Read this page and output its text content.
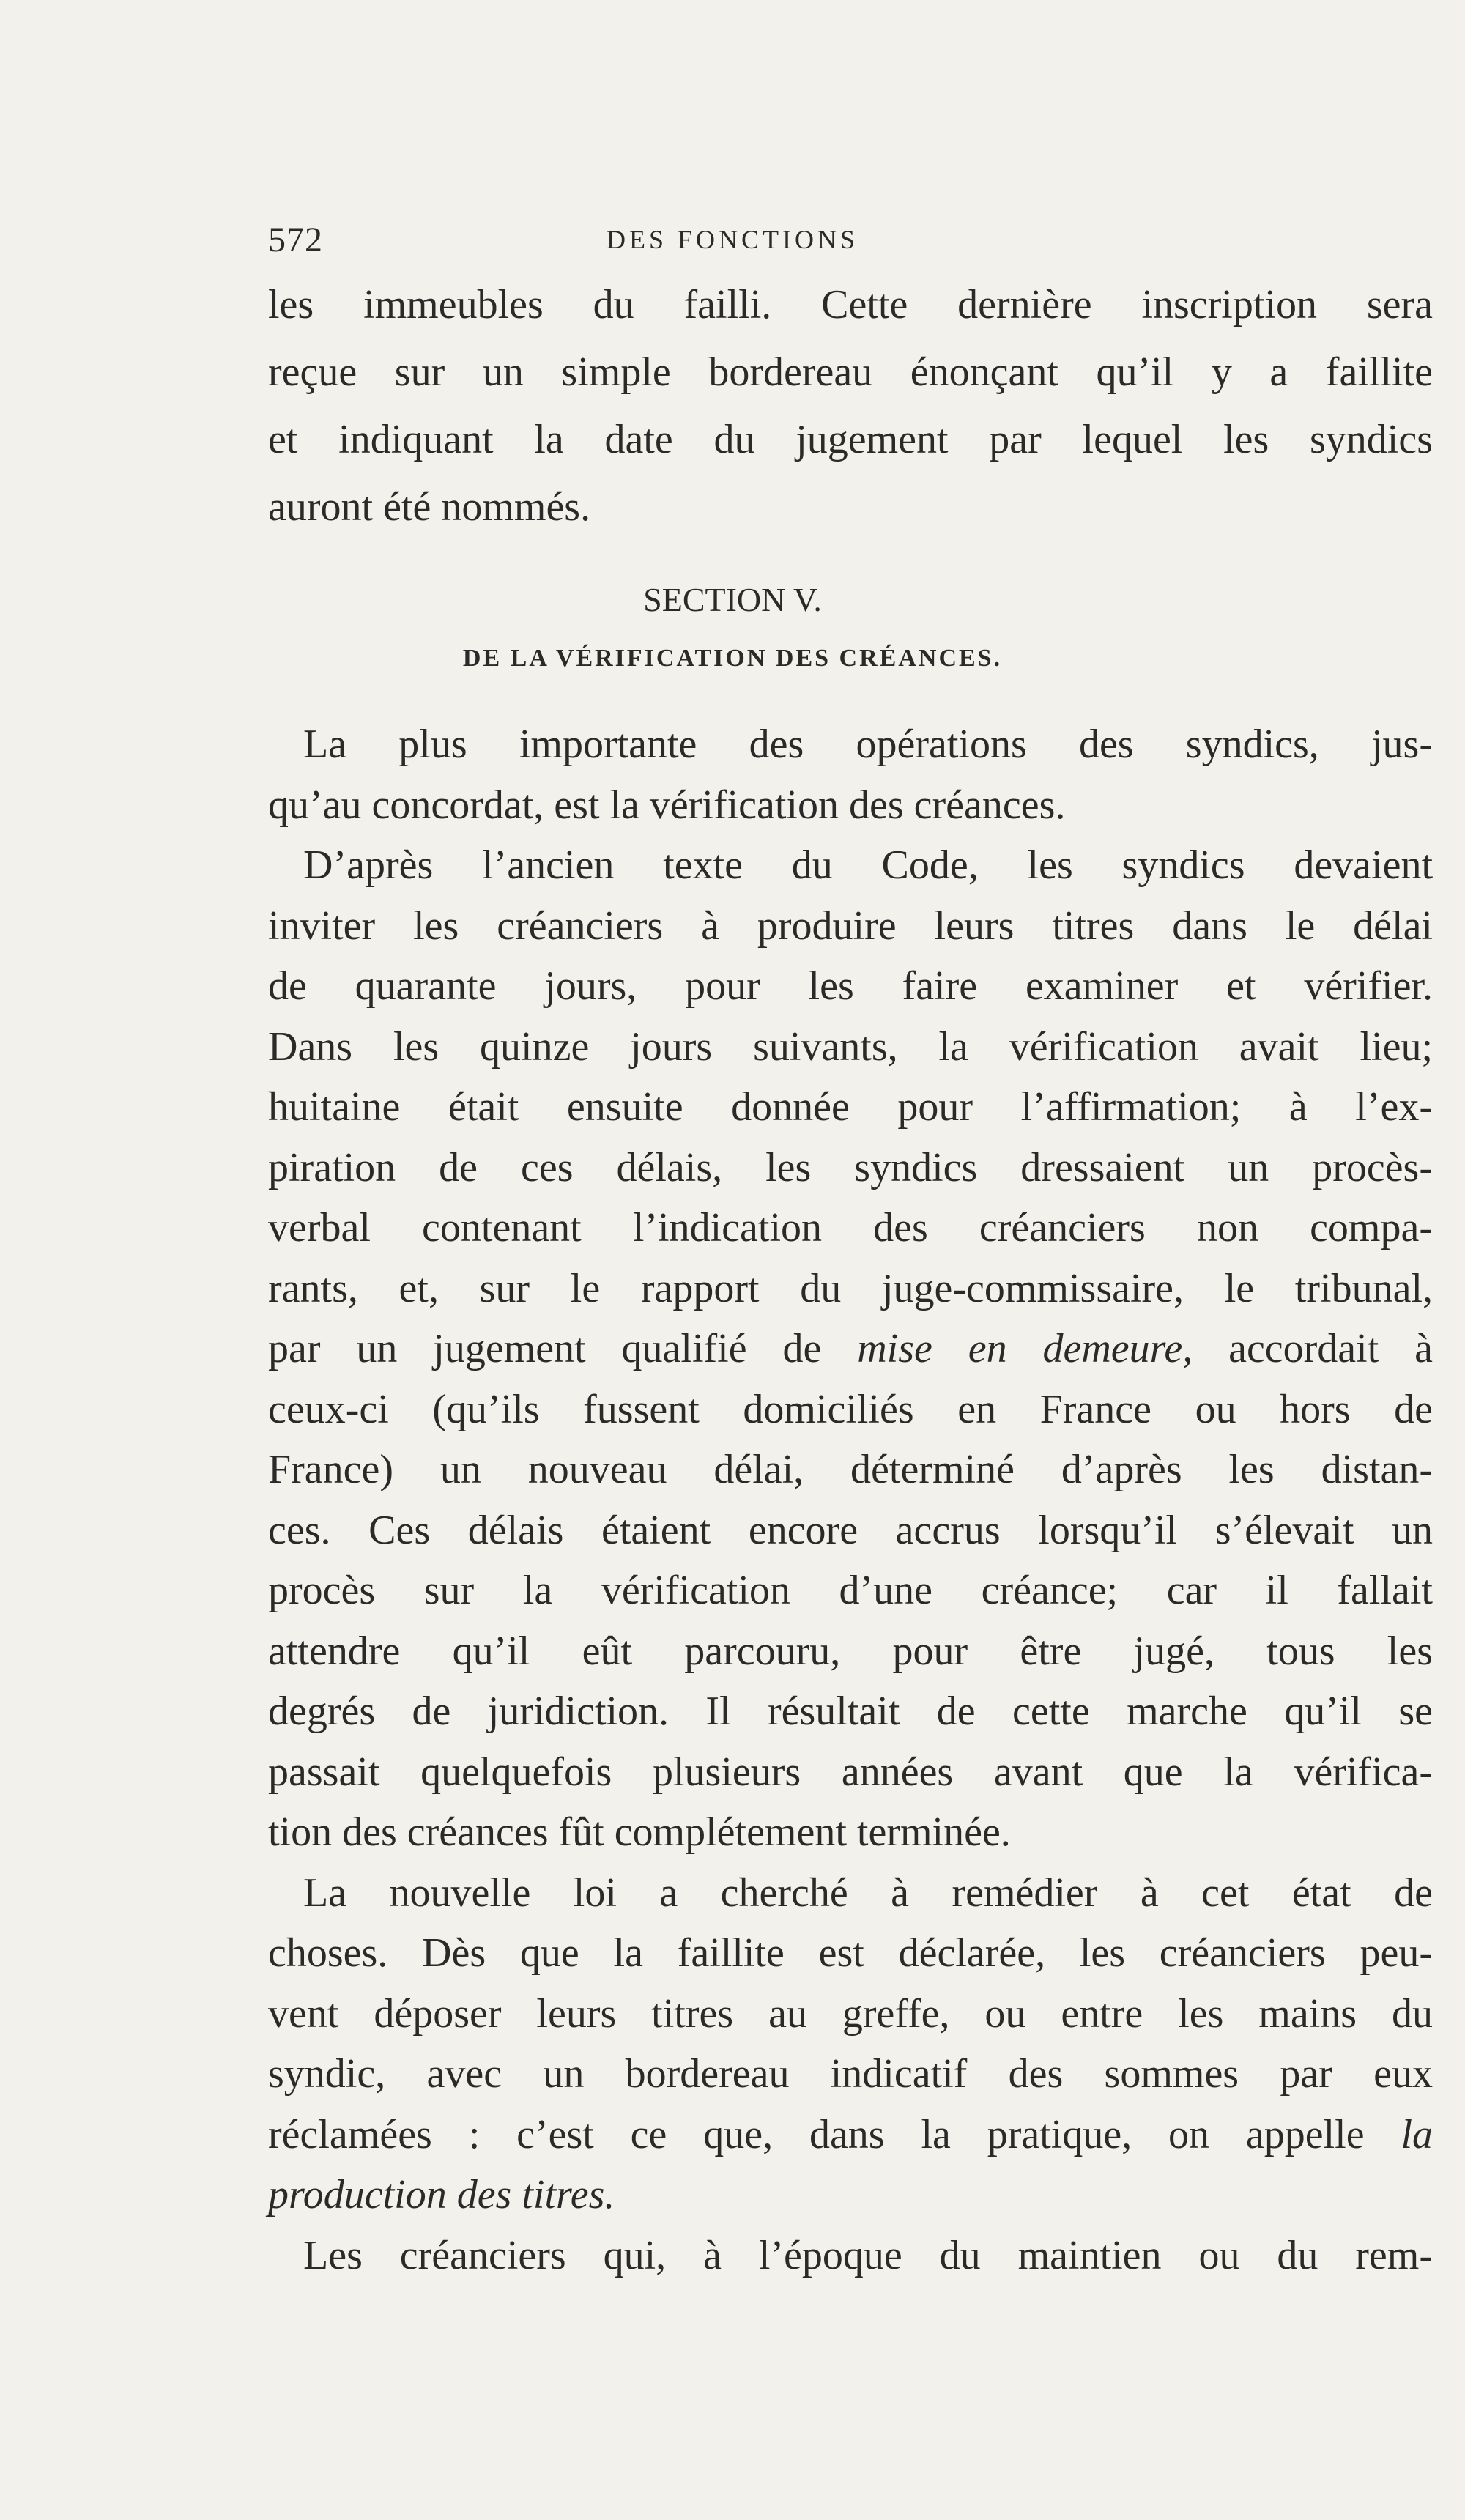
572	DES FONCTIONS
les immeubles du failli. Cette dernière inscription sera
reçue sur un simple bordereau énonçant qu’il y a faillite
et indiquant la date du jugement par lequel les syndics
auront été nommés.
SECTION V.
DE LA VÉRIFICATION DES CRÉANCES.
La plus importante des opérations des syndics, jus-
qu’au concordat, est la vérification des créances.
D’après l’ancien texte du Code, les syndics devaient
inviter les créanciers à produire leurs titres dans le délai
de quarante jours, pour les faire examiner et vérifier.
Dans les quinze jours suivants, la vérification avait lieu;
huitaine était ensuite donnée pour l’affirmation; à l’ex-
piration de ces délais, les syndics dressaient un procès-
verbal contenant l’indication des créanciers non compa-
rants, et, sur le rapport du juge-commissaire, le tribunal,
par un jugement qualifié de mise en demeure, accordait à
ceux-ci (qu’ils fussent domiciliés en France ou hors de
France) un nouveau délai, déterminé d’après les distan-
ces. Ces délais étaient encore accrus lorsqu’il s’élevait un
procès sur la vérification d’une créance; car il fallait
attendre qu’il eût parcouru, pour être jugé, tous les
degrés de juridiction. Il résultait de cette marche qu’il se
passait quelquefois plusieurs années avant que la vérifica-
tion des créances fût complétement terminée.
La nouvelle loi a cherché à remédier à cet état de
choses. Dès que la faillite est déclarée, les créanciers peu-
vent déposer leurs titres au greffe, ou entre les mains du
syndic, avec un bordereau indicatif des sommes par eux
réclamées : c’est ce que, dans la pratique, on appelle la
production des titres.
Les créanciers qui, à l’époque du maintien ou du rem-
